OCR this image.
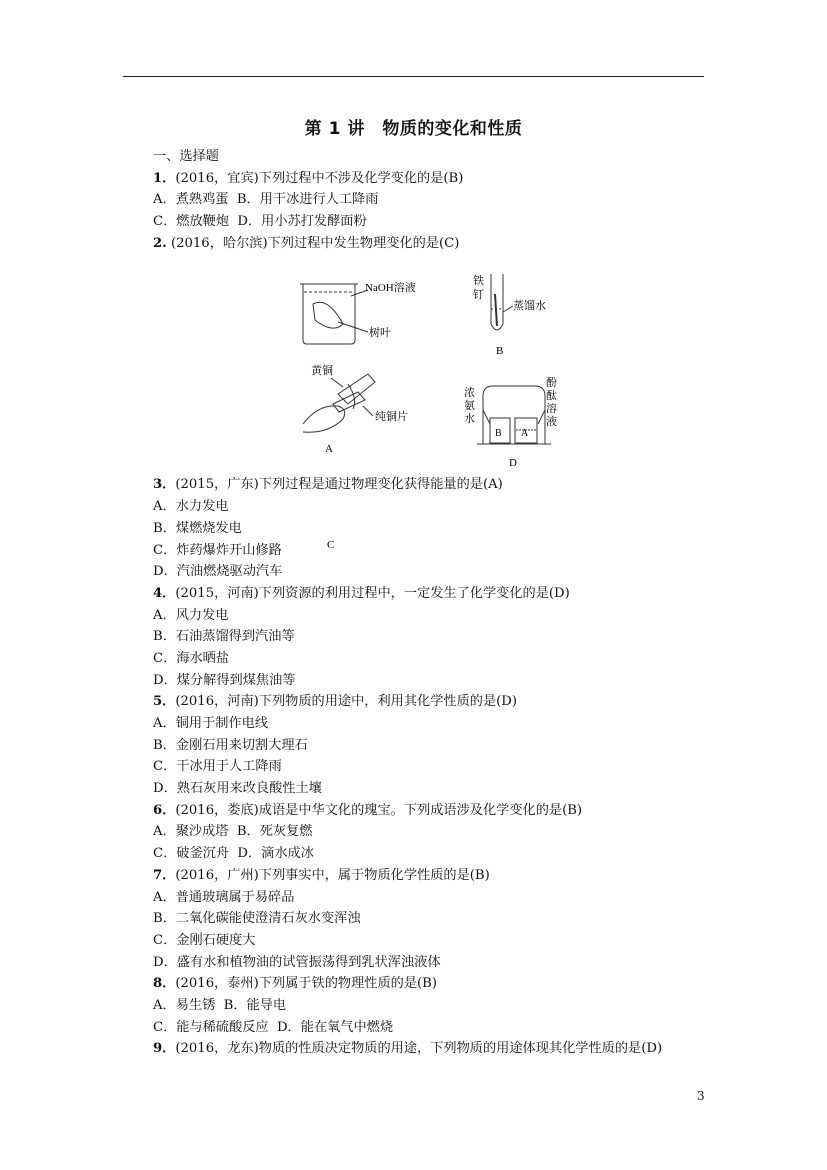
第 1 讲　物质的变化和性质
一、选择题
1．(2016，宜宾)下列过程中不涉及化学变化的是(B)
A．煮熟鸡蛋 B．用干冰进行人工降雨
C．燃放鞭炮 D．用小苏打发酵面粉
2. (2016，哈尔滨)下列过程中发生物理变化的是(C)
NaOH溶液
树叶
A
铁
钉
蒸馏水
B
黄铜
纯铜片
C
浓
氨
水
酚
酞
溶
液
B A
D
3．(2015，广东)下列过程是通过物理变化获得能量的是(A)
A．水力发电
B．煤燃烧发电
C．炸药爆炸开山修路
D．汽油燃烧驱动汽车
4．(2015，河南)下列资源的利用过程中，一定发生了化学变化的是(D)
A．风力发电
B．石油蒸馏得到汽油等
C．海水晒盐
D．煤分解得到煤焦油等
5．(2016，河南)下列物质的用途中，利用其化学性质的是(D)
A．铜用于制作电线
B．金刚石用来切割大理石
C．干冰用于人工降雨
D．熟石灰用来改良酸性土壤
6．(2016，娄底)成语是中华文化的瑰宝。下列成语涉及化学变化的是(B)
A．聚沙成塔 B．死灰复燃
C．破釜沉舟 D．滴水成冰
7．(2016，广州)下列事实中，属于物质化学性质的是(B)
A．普通玻璃属于易碎品
B．二氧化碳能使澄清石灰水变浑浊
C．金刚石硬度大
D．盛有水和植物油的试管振荡得到乳状浑浊液体
8．(2016，泰州)下列属于铁的物理性质的是(B)
A．易生锈 B．能导电
C．能与稀硫酸反应 D．能在氧气中燃烧
9．(2016，龙东)物质的性质决定物质的用途，下列物质的用途体现其化学性质的是(D)
3
